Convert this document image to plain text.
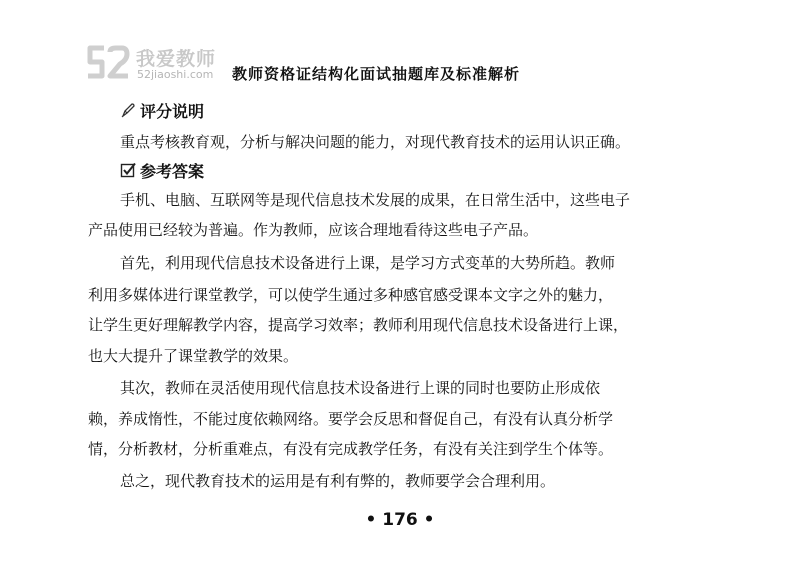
我爱教师
52jiaoshi.com 教师资格证结构化面试抽题库及标准解析
评分说明
重点考核教育观，分析与解决问题的能力，对现代教育技术的运用认识正确。
参考答案
手机、电脑、互联网等是现代信息技术发展的成果，在日常生活中，这些电子
产品使用已经较为普遍。作为教师，应该合理地看待这些电子产品。
首先，利用现代信息技术设备进行上课，是学习方式变革的大势所趋。教师
利用多媒体进行课堂教学，可以使学生通过多种感官感受课本文字之外的魅力，
让学生更好理解教学内容，提高学习效率；教师利用现代信息技术设备进行上课，
也大大提升了课堂教学的效果。
其次，教师在灵活使用现代信息技术设备进行上课的同时也要防止形成依
赖，养成惰性，不能过度依赖网络。要学会反思和督促自己，有没有认真分析学
情，分析教材，分析重难点，有没有完成教学任务，有没有关注到学生个体等。
总之，现代教育技术的运用是有利有弊的，教师要学会合理利用。
• 176 •
